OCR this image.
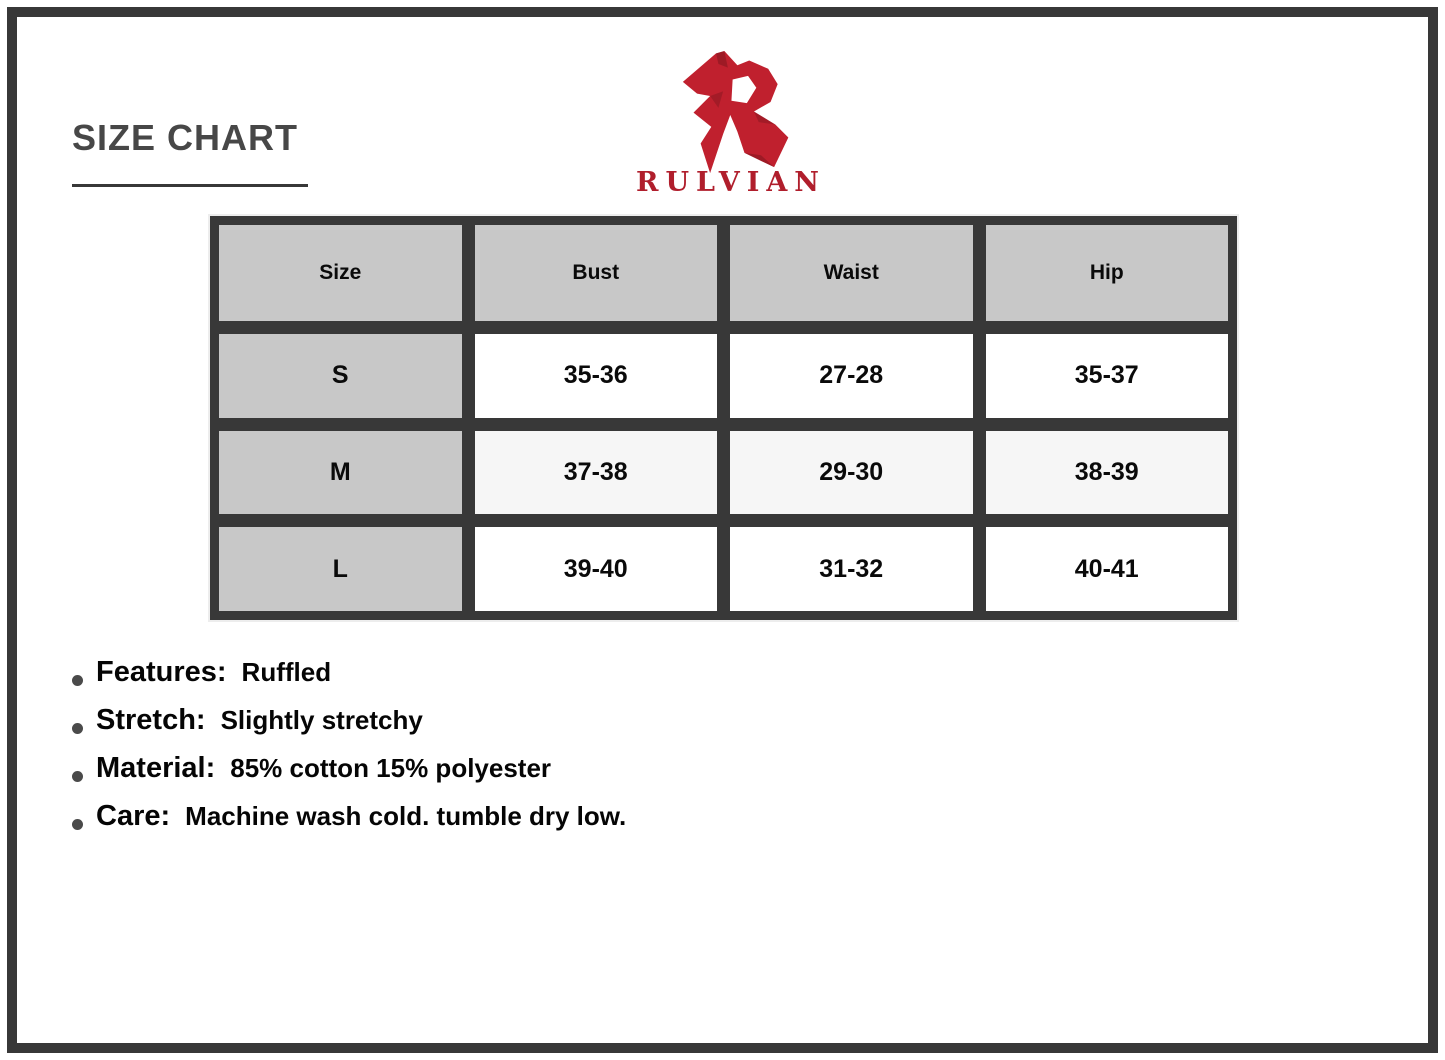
SIZE CHART
RULVIAN
Size	Bust	Waist	Hip
S	35-36	27-28	35-37
M	37-38	29-30	38-39
L	39-40	31-32	40-41
Features: Ruffled
Stretch: Slightly stretchy
Material: 85% cotton 15% polyester
Care: Machine wash cold. tumble dry low.
